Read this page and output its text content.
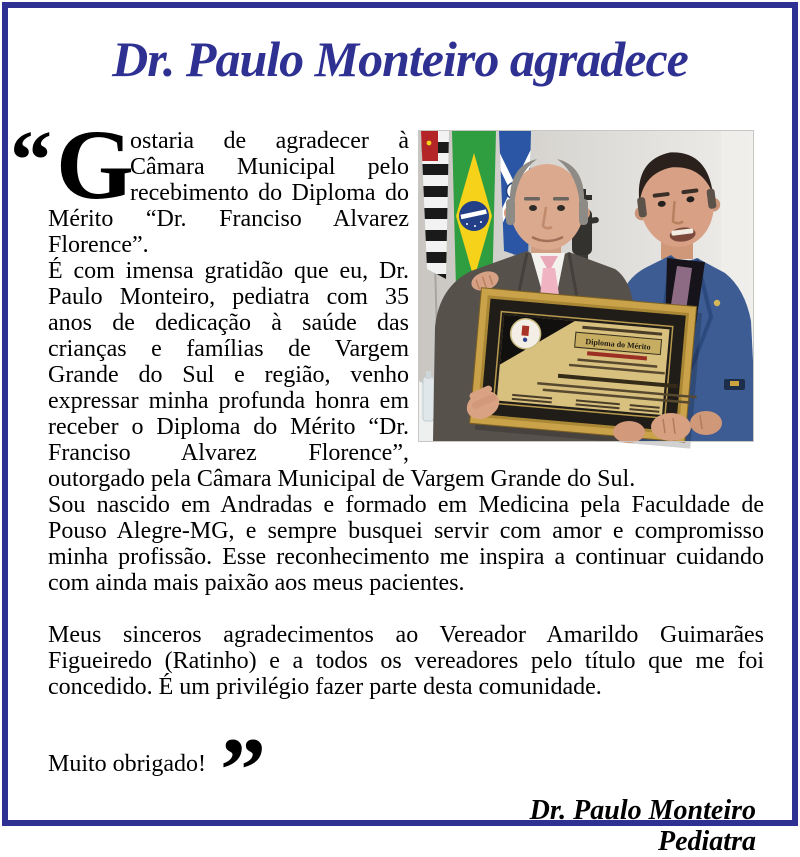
Dr. Paulo Monteiro agradece
Diploma do Mérito

“ G
ostaria de agradecer à Câmara Municipal pelo recebimento do Diploma do Mérito “Dr. Franciso Alvarez Florence”.

É com imensa gratidão que eu, Dr. Paulo Monteiro, pediatra com 35 anos de dedicação à saúde das crianças e famílias de Vargem Grande do Sul e região, venho expressar minha profunda honra em receber o Diploma do Mérito “Dr. Franciso Alvarez Florence”, outorgado pela Câmara Municipal de Vargem Grande do Sul.

Sou nascido em Andradas e formado em Medicina pela Faculdade de Pouso Alegre-MG, e sempre busquei servir com amor e compromisso minha profissão. Esse reconhecimento me inspira a continuar cuidando com ainda mais paixão aos meus pacientes.

Meus sinceros agradecimentos ao Vereador Amarildo Guimarães Figueiredo (Ratinho) e a todos os vereadores pelo título que me foi concedido. É um privilégio fazer parte desta comunidade.

Muito obrigado! ”	Dr. Paulo Monteiro
Pediatra
